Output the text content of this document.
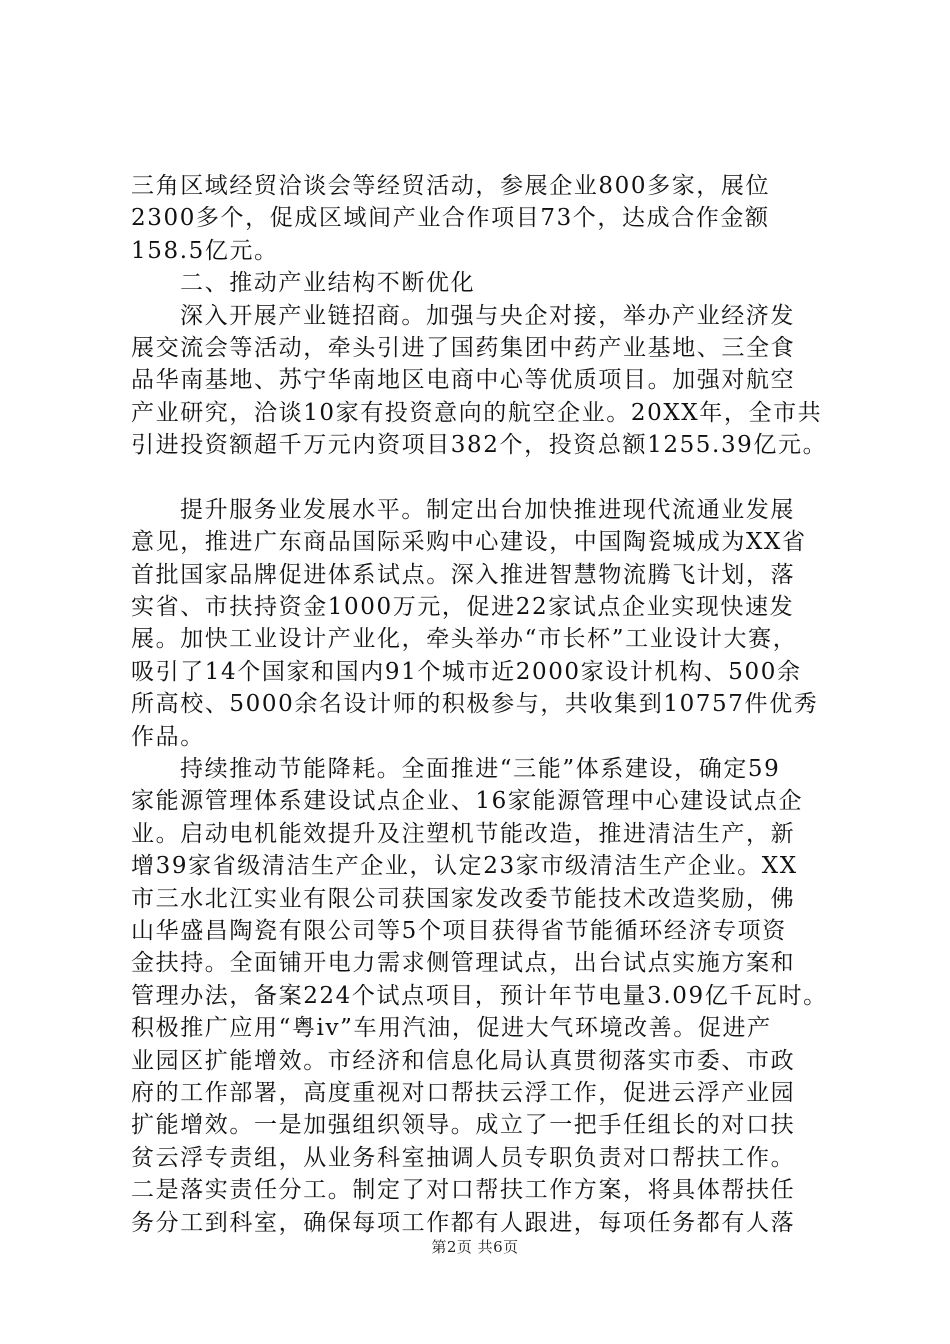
三角区域经贸洽谈会等经贸活动，参展企业800多家，展位
2300多个，促成区域间产业合作项目73个，达成合作金额
158.5亿元。
二、推动产业结构不断优化
深入开展产业链招商。加强与央企对接，举办产业经济发
展交流会等活动，牵头引进了国药集团中药产业基地、三全食
品华南基地、苏宁华南地区电商中心等优质项目。加强对航空
产业研究，洽谈10家有投资意向的航空企业。20XX年，全市共
引进投资额超千万元内资项目382个，投资总额1255.39亿元。
提升服务业发展水平。制定出台加快推进现代流通业发展
意见，推进广东商品国际采购中心建设，中国陶瓷城成为XX省
首批国家品牌促进体系试点。深入推进智慧物流腾飞计划，落
实省、市扶持资金1000万元，促进22家试点企业实现快速发
展。加快工业设计产业化，牵头举办“市长杯”工业设计大赛，
吸引了14个国家和国内91个城市近2000家设计机构、500余
所高校、5000余名设计师的积极参与，共收集到10757件优秀
作品。
持续推动节能降耗。全面推进“三能”体系建设，确定59
家能源管理体系建设试点企业、16家能源管理中心建设试点企
业。启动电机能效提升及注塑机节能改造，推进清洁生产，新
增39家省级清洁生产企业，认定23家市级清洁生产企业。XX
市三水北江实业有限公司获国家发改委节能技术改造奖励，佛
山华盛昌陶瓷有限公司等5个项目获得省节能循环经济专项资
金扶持。全面铺开电力需求侧管理试点，出台试点实施方案和
管理办法，备案224个试点项目，预计年节电量3.09亿千瓦时。
积极推广应用“粤iv”车用汽油，促进大气环境改善。促进产
业园区扩能增效。市经济和信息化局认真贯彻落实市委、市政
府的工作部署，高度重视对口帮扶云浮工作，促进云浮产业园
扩能增效。一是加强组织领导。成立了一把手任组长的对口扶
贫云浮专责组，从业务科室抽调人员专职负责对口帮扶工作。
二是落实责任分工。制定了对口帮扶工作方案，将具体帮扶任
务分工到科室，确保每项工作都有人跟进，每项任务都有人落
第2页 共6页
